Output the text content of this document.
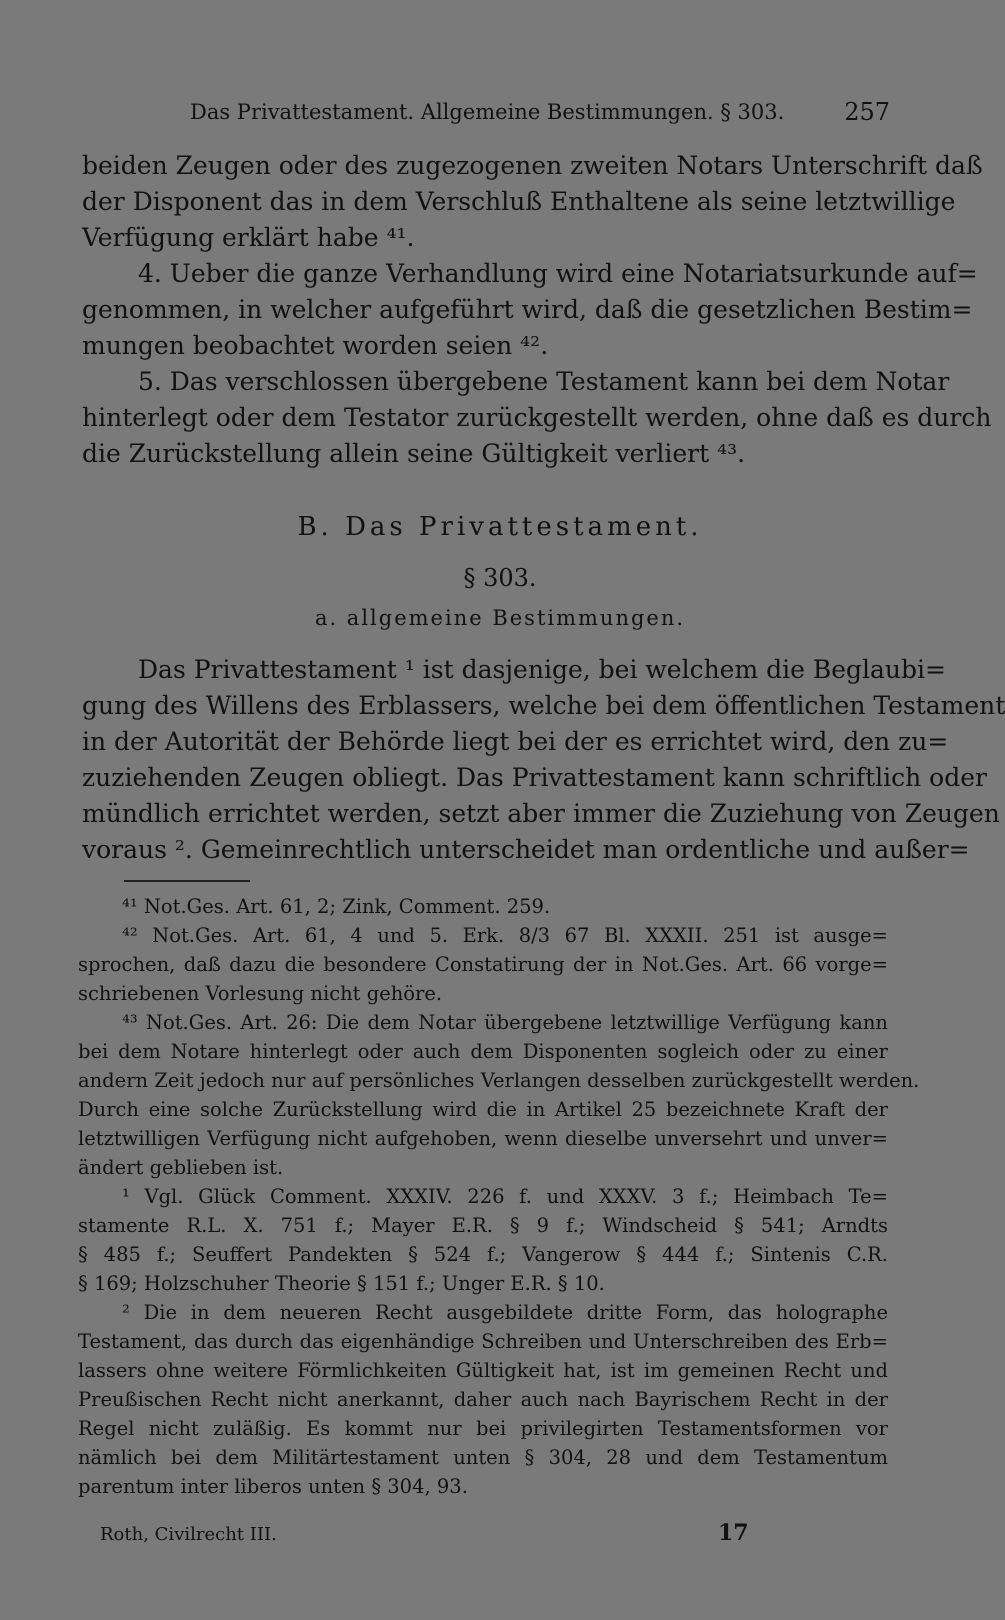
Das Privattestament. Allgemeine Bestimmungen. § 303. 257
beiden Zeugen oder des zugezogenen zweiten Notars Unterschrift daß
der Disponent das in dem Verschluß Enthaltene als seine letztwillige
Verfügung erklärt habe ⁴¹.
4. Ueber die ganze Verhandlung wird eine Notariatsurkunde auf=
genommen, in welcher aufgeführt wird, daß die gesetzlichen Bestim=
mungen beobachtet worden seien ⁴².
5. Das verschlossen übergebene Testament kann bei dem Notar
hinterlegt oder dem Testator zurückgestellt werden, ohne daß es durch
die Zurückstellung allein seine Gültigkeit verliert ⁴³.
B. Das Privattestament.
§ 303.
a. allgemeine Bestimmungen.
Das Privattestament ¹ ist dasjenige, bei welchem die Beglaubi=
gung des Willens des Erblassers, welche bei dem öffentlichen Testament
in der Autorität der Behörde liegt bei der es errichtet wird, den zu=
zuziehenden Zeugen obliegt. Das Privattestament kann schriftlich oder
mündlich errichtet werden, setzt aber immer die Zuziehung von Zeugen
voraus ². Gemeinrechtlich unterscheidet man ordentliche und außer=
⁴¹ Not.Ges. Art. 61, 2; Zink, Comment. 259.
⁴² Not.Ges. Art. 61, 4 und 5. Erk. 8/3 67 Bl. XXXII. 251 ist ausge=
sprochen, daß dazu die besondere Constatirung der in Not.Ges. Art. 66 vorge=
schriebenen Vorlesung nicht gehöre.
⁴³ Not.Ges. Art. 26: Die dem Notar übergebene letztwillige Verfügung kann
bei dem Notare hinterlegt oder auch dem Disponenten sogleich oder zu einer
andern Zeit jedoch nur auf persönliches Verlangen desselben zurückgestellt werden.
Durch eine solche Zurückstellung wird die in Artikel 25 bezeichnete Kraft der
letztwilligen Verfügung nicht aufgehoben, wenn dieselbe unversehrt und unver=
ändert geblieben ist.
¹ Vgl. Glück Comment. XXXIV. 226 f. und XXXV. 3 f.; Heimbach Te=
stamente R.L. X. 751 f.; Mayer E.R. § 9 f.; Windscheid § 541; Arndts
§ 485 f.; Seuffert Pandekten § 524 f.; Vangerow § 444 f.; Sintenis C.R.
§ 169; Holzschuher Theorie § 151 f.; Unger E.R. § 10.
² Die in dem neueren Recht ausgebildete dritte Form, das holographe
Testament, das durch das eigenhändige Schreiben und Unterschreiben des Erb=
lassers ohne weitere Förmlichkeiten Gültigkeit hat, ist im gemeinen Recht und
Preußischen Recht nicht anerkannt, daher auch nach Bayrischem Recht in der
Regel nicht zuläßig. Es kommt nur bei privilegirten Testamentsformen vor
nämlich bei dem Militärtestament unten § 304, 28 und dem Testamentum
parentum inter liberos unten § 304, 93.
Roth, Civilrecht III.	17
